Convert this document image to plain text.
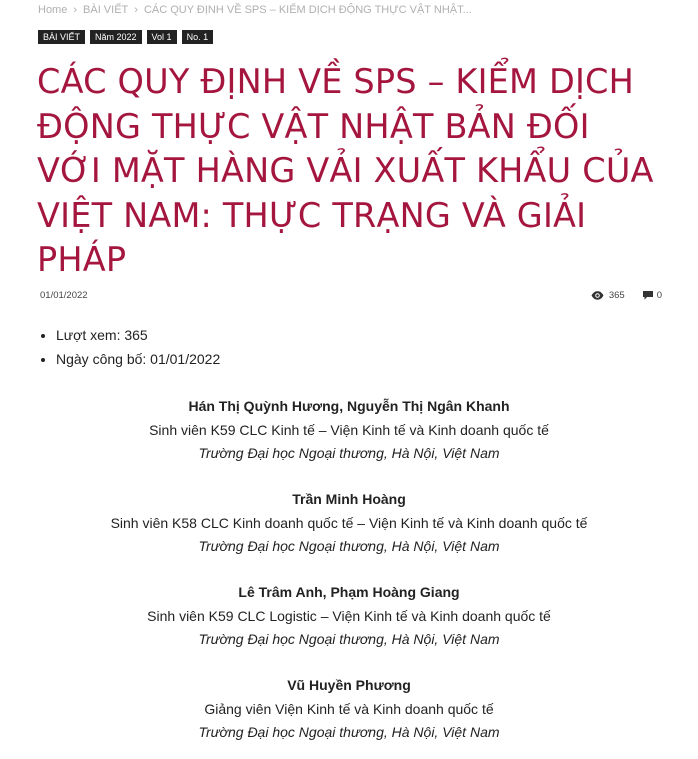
Home › BÀI VIẾT › CÁC QUY ĐỊNH VỀ SPS – KIỂM DỊCH ĐỘNG THỰC VẬT NHẬT...
BÀI VIẾT	Năm 2022	Vol 1	No. 1
CÁC QUY ĐỊNH VỀ SPS – KIỂM DỊCH ĐỘNG THỰC VẬT NHẬT BẢN ĐỐI VỚI MẶT HÀNG VẢI XUẤT KHẨU CỦA VIỆT NAM: THỰC TRẠNG VÀ GIẢI PHÁP
01/01/2022	365	0
• Lượt xem: 365
• Ngày công bố: 01/01/2022
Hán Thị Quỳnh Hương, Nguyễn Thị Ngân Khanh
Sinh viên K59 CLC Kinh tế – Viện Kinh tế và Kinh doanh quốc tế
Trường Đại học Ngoại thương, Hà Nội, Việt Nam
Trần Minh Hoàng
Sinh viên K58 CLC Kinh doanh quốc tế – Viện Kinh tế và Kinh doanh quốc tế
Trường Đại học Ngoại thương, Hà Nội, Việt Nam
Lê Trâm Anh, Phạm Hoàng Giang
Sinh viên K59 CLC Logistic – Viện Kinh tế và Kinh doanh quốc tế
Trường Đại học Ngoại thương, Hà Nội, Việt Nam
Vũ Huyền Phương
Giảng viên Viện Kinh tế và Kinh doanh quốc tế
Trường Đại học Ngoại thương, Hà Nội, Việt Nam
